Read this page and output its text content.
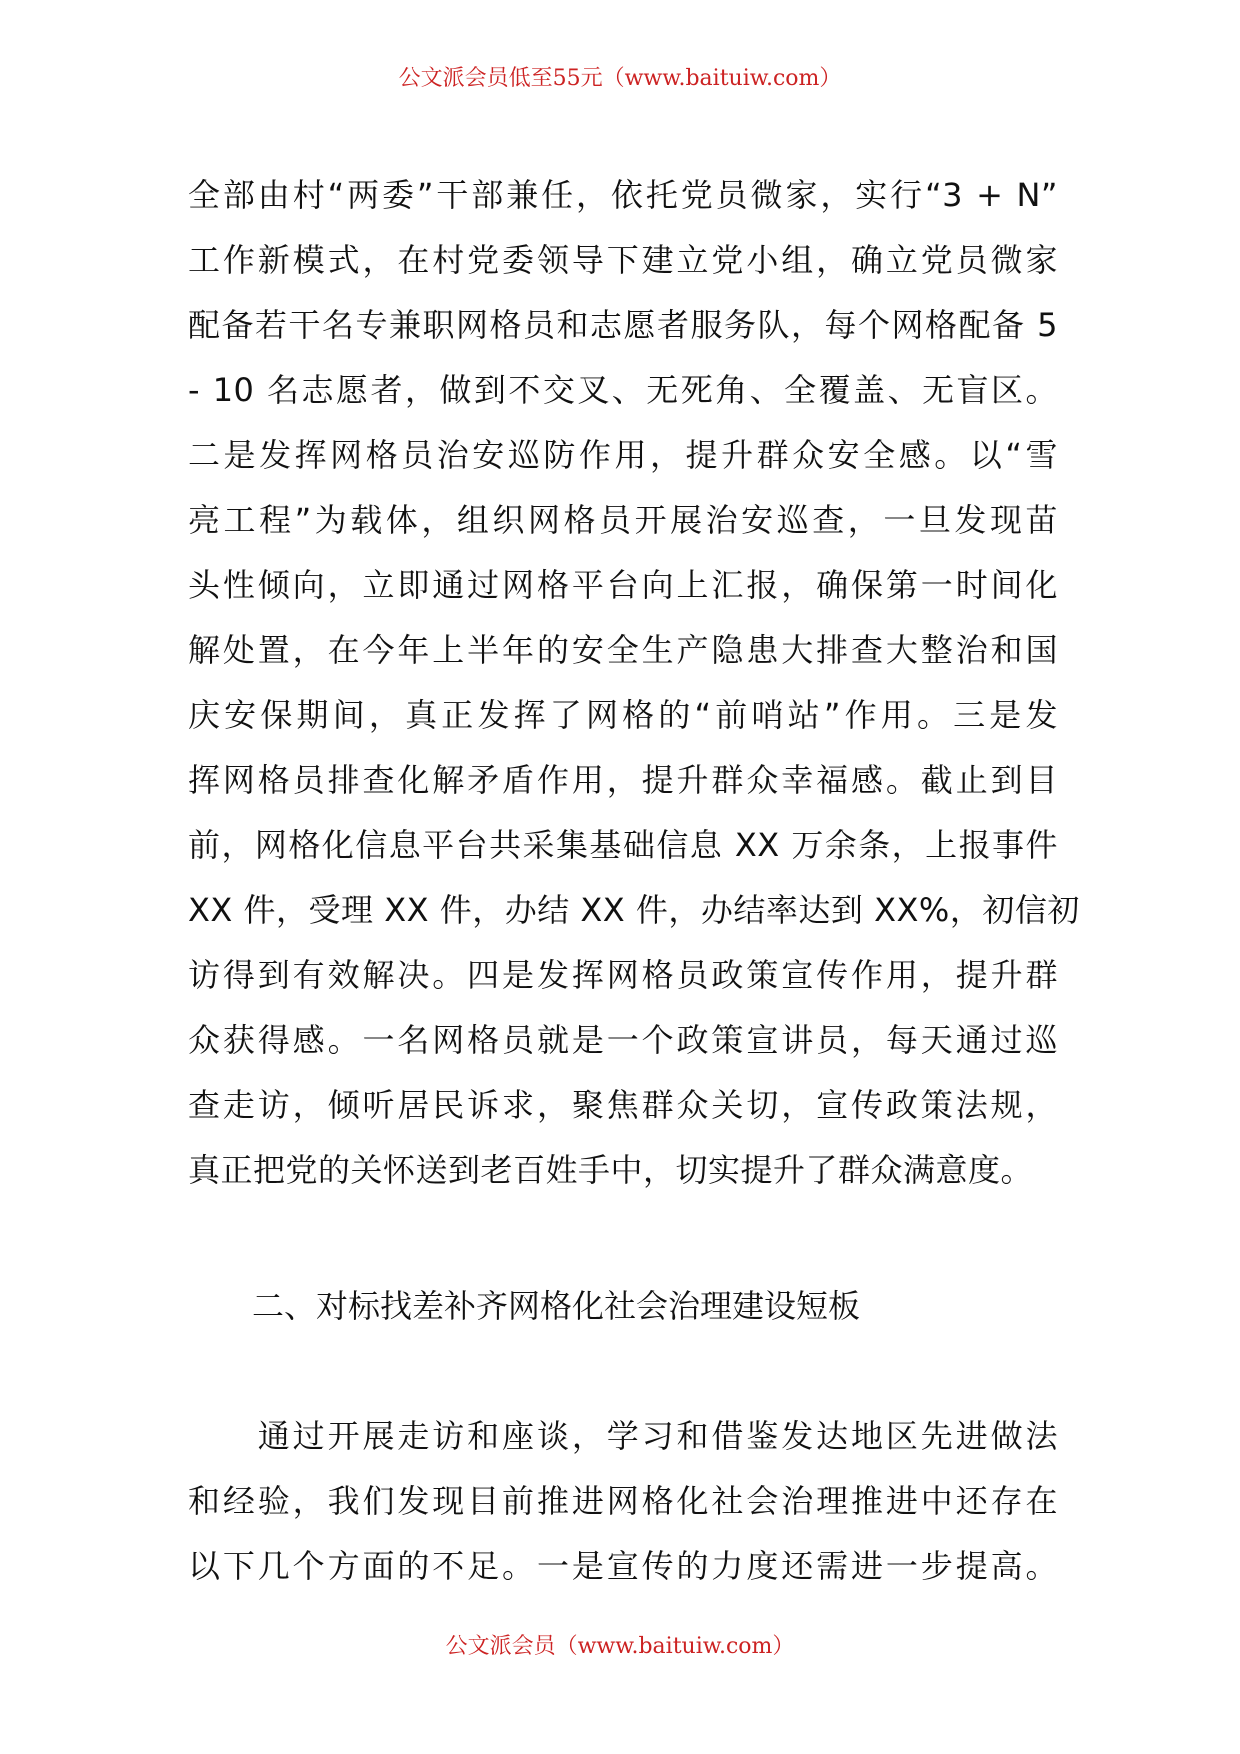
公文派会员低至55元（www.baituiw.com）
全部由村“两委”干部兼任，依托党员微家，实行“3 + N”
工作新模式，在村党委领导下建立党小组，确立党员微家
配备若干名专兼职网格员和志愿者服务队，每个网格配备 5
- 10 名志愿者，做到不交叉、无死角、全覆盖、无盲区。
二是发挥网格员治安巡防作用，提升群众安全感。以“雪
亮工程”为载体，组织网格员开展治安巡查，一旦发现苗
头性倾向，立即通过网格平台向上汇报，确保第一时间化
解处置，在今年上半年的安全生产隐患大排查大整治和国
庆安保期间，真正发挥了网格的“前哨站”作用。三是发
挥网格员排查化解矛盾作用，提升群众幸福感。截止到目
前，网格化信息平台共采集基础信息 XX 万余条，上报事件
XX 件，受理 XX 件，办结 XX 件，办结率达到 XX%，初信初
访得到有效解决。四是发挥网格员政策宣传作用，提升群
众获得感。一名网格员就是一个政策宣讲员，每天通过巡
查走访，倾听居民诉求，聚焦群众关切，宣传政策法规，
真正把党的关怀送到老百姓手中，切实提升了群众满意度。
二、对标找差补齐网格化社会治理建设短板
　　通过开展走访和座谈，学习和借鉴发达地区先进做法
和经验，我们发现目前推进网格化社会治理推进中还存在
以下几个方面的不足。一是宣传的力度还需进一步提高。
公文派会员（www.baituiw.com）
